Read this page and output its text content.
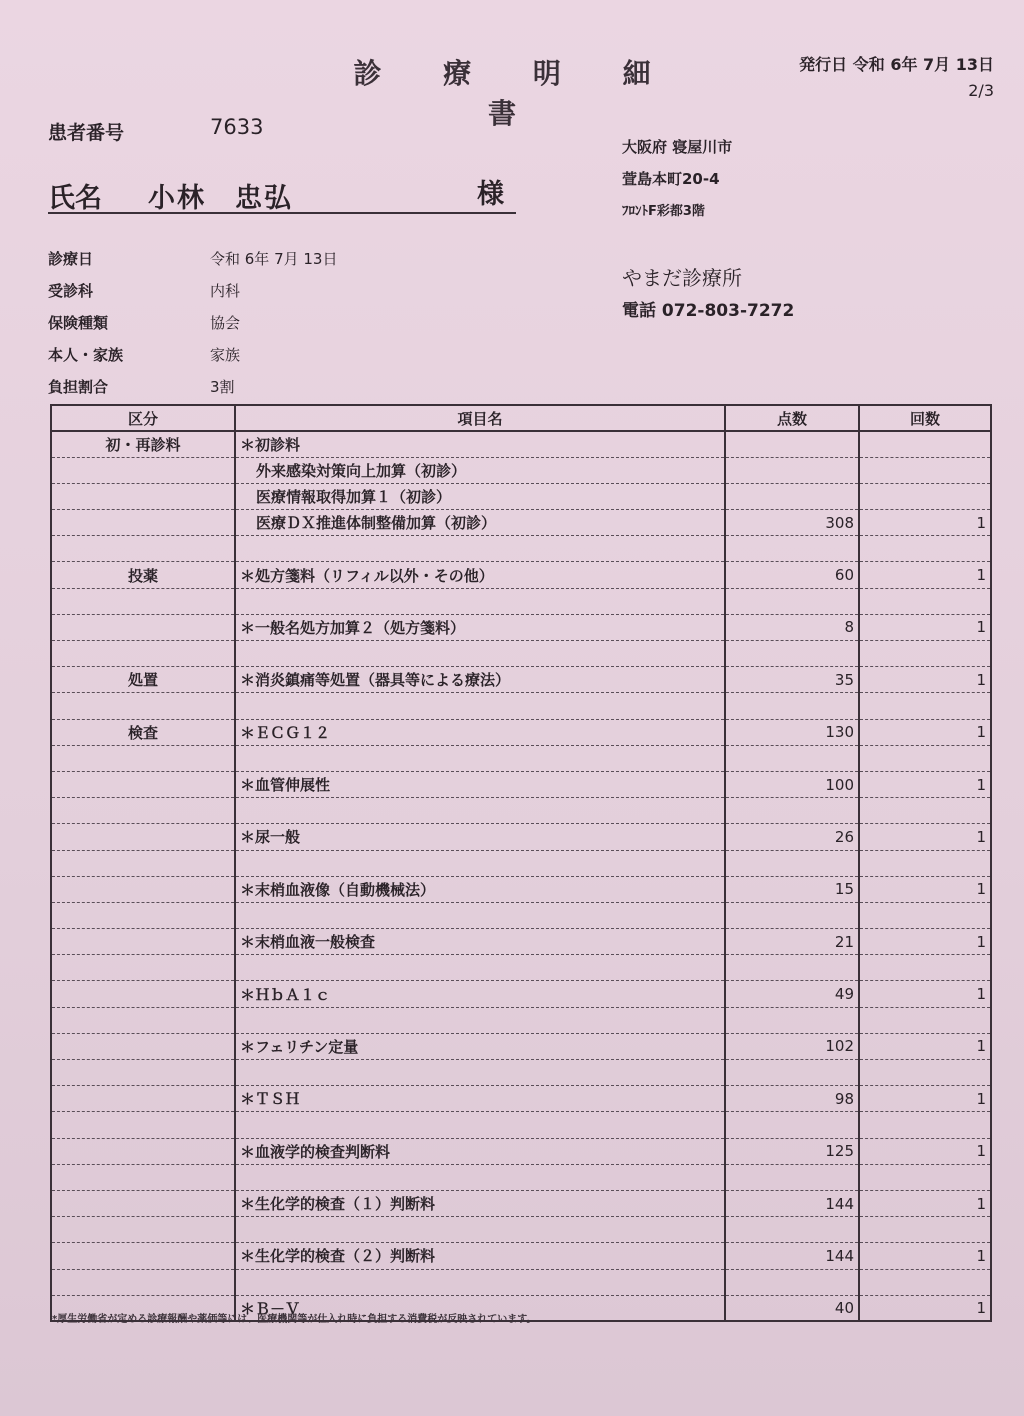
診 療 明 細 書
発行日 令和 6年 7月 13日
2/3
患者番号	7633
氏名 小林　忠弘	様
診療日	令和 6年 7月 13日
受診科	内科
保険種類	協会
本人・家族	家族
負担割合	3割
大阪府 寝屋川市
萱島本町20-4
ﾌﾛﾝﾄF彩都3階
やまだ診療所
電話 072-803-7272
区分	項目名	点数	回数
初・再診料	＊初診料		
	外来感染対策向上加算（初診）		
	医療情報取得加算１（初診）		
	医療ＤＸ推進体制整備加算（初診）	308	1

投薬	＊処方箋料（リフィル以外・その他）	60	1

	＊一般名処方加算２（処方箋料）	8	1

処置	＊消炎鎮痛等処置（器具等による療法）	35	1

検査	＊ＥＣＧ１２	130	1

	＊血管伸展性	100	1

	＊尿一般	26	1

	＊末梢血液像（自動機械法）	15	1

	＊末梢血液一般検査	21	1

	＊ＨｂＡ１ｃ	49	1

	＊フェリチン定量	102	1

	＊ＴＳＨ	98	1

	＊血液学的検査判断料	125	1

	＊生化学的検査（１）判断料	144	1

	＊生化学的検査（２）判断料	144	1

	＊Ｂ－Ｖ	40	1
*厚生労働省が定める診療報酬や薬価等には、医療機関等が仕入れ時に負担する消費税が反映されています。
